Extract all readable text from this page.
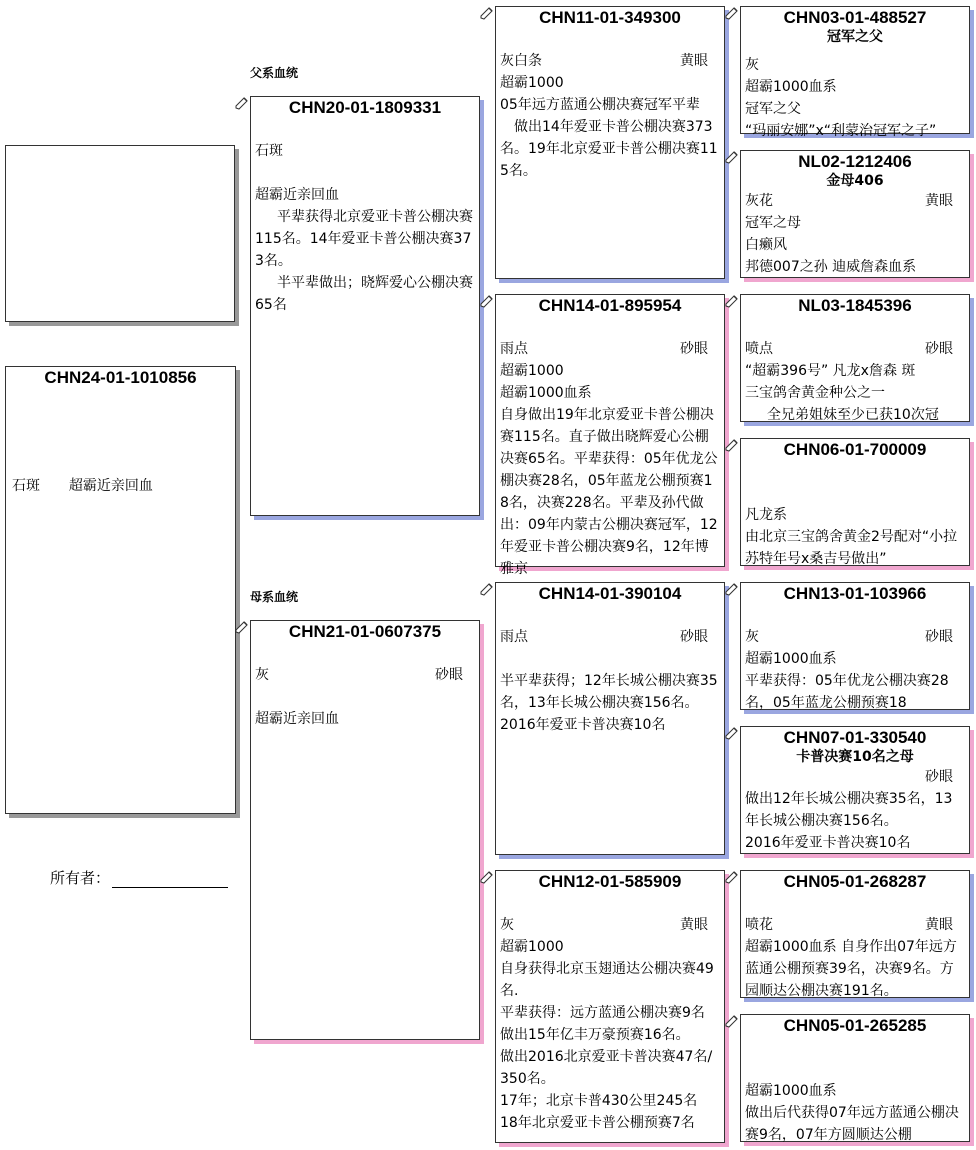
CHN24-01-1010856
石斑 超霸近亲回血
所有者：
父系血统
母系血统
CHN20-01-1809331

石斑

超霸近亲回血

平辈获得北京爱亚卡普公棚决赛115名。14年爱亚卡普公棚决赛373名。

半平辈做出；晓辉爱心公棚决赛65名

CHN21-01-0607375
灰	砂眼

超霸近亲回血

CHN11-01-349300
灰白条	黄眼

超霸1000

05年远方蓝通公棚决赛冠军平辈

做出14年爱亚卡普公棚决赛373名。19年北京爱亚卡普公棚决赛115名。

CHN14-01-895954
雨点	砂眼

超霸1000

超霸1000血系

自身做出19年北京爱亚卡普公棚决赛115名。直子做出晓辉爱心公棚决赛65名。平辈获得：05年优龙公棚决赛28名，05年蓝龙公棚预赛18名，决赛228名。平辈及孙代做出：09年内蒙古公棚决赛冠军，12年爱亚卡普公棚决赛9名，12年博雅京

CHN14-01-390104
雨点	砂眼

半平辈获得；12年长城公棚决赛35名，13年长城公棚决赛156名。

2016年爱亚卡普决赛10名

CHN12-01-585909
灰	黄眼

超霸1000

自身获得北京玉翅通达公棚决赛49名.

平辈获得：远方蓝通公棚决赛9名

做出15年亿丰万豪预赛16名。

做出2016北京爱亚卡普决赛47名/350名。

17年；北京卡普430公里245名

18年北京爱亚卡普公棚预赛7名

CHN03-01-488527
冠军之父

灰

超霸1000血系

冠军之父

“玛丽安娜”x“利蒙治冠军之子”

NL02-1212406
金母406
灰花	黄眼

冠军之母

白癞风

邦德007之孙 迪威詹森血系

NL03-1845396
喷点	砂眼

“超霸396号” 凡龙x詹森 斑

三宝鸽舍黄金种公之一

全兄弟姐妹至少已获10次冠

CHN06-01-700009

凡龙系

由北京三宝鸽舍黄金2号配对“小拉苏特年号x桑吉号做出”

CHN13-01-103966
灰	砂眼

超霸1000血系

平辈获得：05年优龙公棚决赛28名，05年蓝龙公棚预赛18

CHN07-01-330540
卡普决赛10名之母
砂眼

做出12年长城公棚决赛35名，13年长城公棚决赛156名。

2016年爱亚卡普决赛10名

CHN05-01-268287
喷花	黄眼

超霸1000血系 自身作出07年远方蓝通公棚预赛39名，决赛9名。方园顺达公棚决赛191名。

CHN05-01-265285

超霸1000血系

做出后代获得07年远方蓝通公棚决赛9名，07年方圆顺达公棚
